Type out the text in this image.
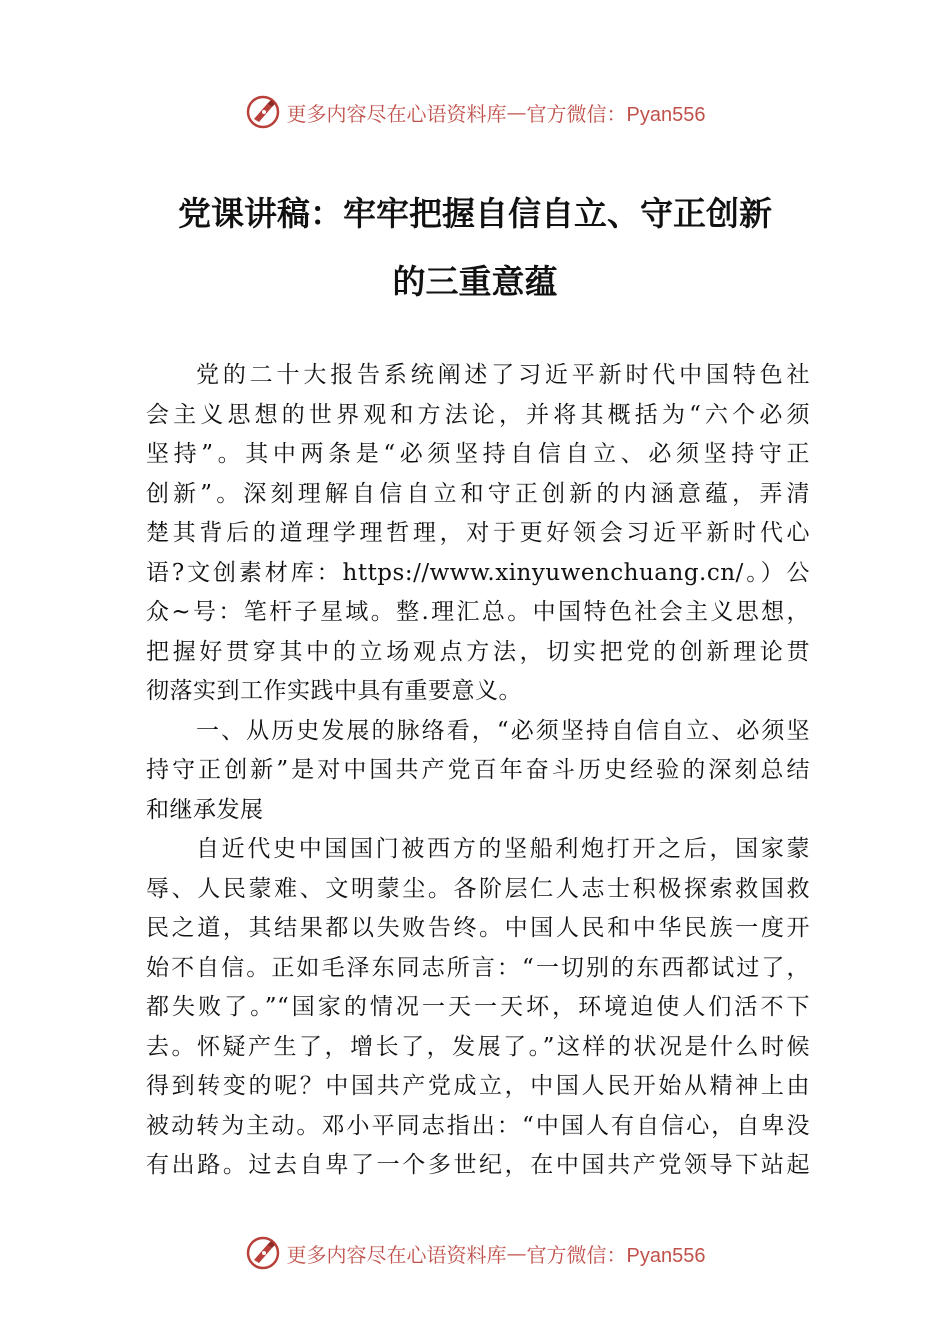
更多内容尽在心语资料库 — 官方微信：Pyan556
党课讲稿：牢牢把握自信自立、守正创新
的三重意蕴
党的二十大报告系统阐述了习近平新时代中国特色社
会主义思想的世界观和方法论，并将其概括为“六个必须
坚持”。其中两条是“必须坚持自信自立、必须坚持守正
创新”。深刻理解自信自立和守正创新的内涵意蕴，弄清
楚其背后的道理学理哲理，对于更好领会习近平新时代心
语?文创素材库：https://www.xinyuwenchuang.cn/。）公
众~号：笔杆子星域。整.理汇总。中国特色社会主义思想，
把握好贯穿其中的立场观点方法，切实把党的创新理论贯
彻落实到工作实践中具有重要意义。
一、从历史发展的脉络看，“必须坚持自信自立、必须坚
持守正创新”是对中国共产党百年奋斗历史经验的深刻总结
和继承发展
自近代史中国国门被西方的坚船利炮打开之后，国家蒙
辱、人民蒙难、文明蒙尘。各阶层仁人志士积极探索救国救
民之道，其结果都以失败告终。中国人民和中华民族一度开
始不自信。正如毛泽东同志所言：“一切别的东西都试过了，
都失败了。”“国家的情况一天一天坏，环境迫使人们活不下
去。怀疑产生了，增长了，发展了。”这样的状况是什么时候
得到转变的呢？中国共产党成立，中国人民开始从精神上由
被动转为主动。邓小平同志指出：“中国人有自信心，自卑没
有出路。过去自卑了一个多世纪，在中国共产党领导下站起
更多内容尽在心语资料库 — 官方微信：Pyan556
